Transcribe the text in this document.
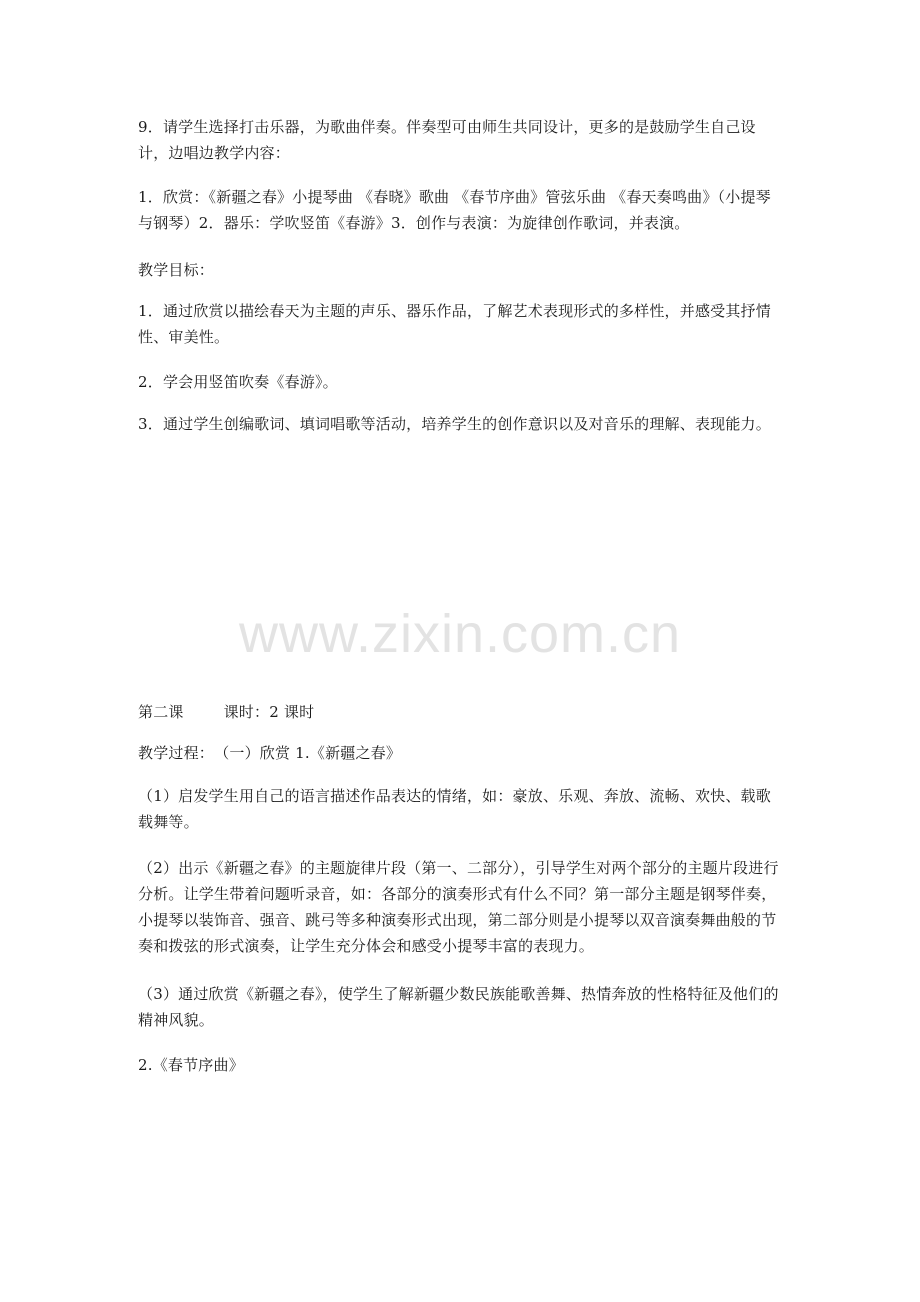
9．请学生选择打击乐器，为歌曲伴奏。伴奏型可由师生共同设计，更多的是鼓励学生自己设计，边唱边教学内容：

1．欣赏：《新疆之春》小提琴曲 《春晓》歌曲 《春节序曲》管弦乐曲 《春天奏鸣曲》（小提琴与钢琴）2．器乐：学吹竖笛《春游》3．创作与表演：为旋律创作歌词，并表演。

教学目标：

1．通过欣赏以描绘春天为主题的声乐、器乐作品，了解艺术表现形式的多样性，并感受其抒情性、审美性。

2．学会用竖笛吹奏《春游》。

3．通过学生创编歌词、填词唱歌等活动，培养学生的创作意识以及对音乐的理解、表现能力。

www.zixin.com.cn

第二课	课时：2 课时

教学过程：　（一）欣赏 1.《新疆之春》

（1）启发学生用自己的语言描述作品表达的情绪，如：豪放、乐观、奔放、流畅、欢快、载歌载舞等。

（2）出示《新疆之春》的主题旋律片段（第一、二部分），引导学生对两个部分的主题片段进行分析。让学生带着问题听录音，如：各部分的演奏形式有什么不同？第一部分主题是钢琴伴奏，小提琴以装饰音、强音、跳弓等多种演奏形式出现，第二部分则是小提琴以双音演奏舞曲般的节奏和拨弦的形式演奏，让学生充分体会和感受小提琴丰富的表现力。

（3）通过欣赏《新疆之春》，使学生了解新疆少数民族能歌善舞、热情奔放的性格特征及他们的精神风貌。

2.《春节序曲》
